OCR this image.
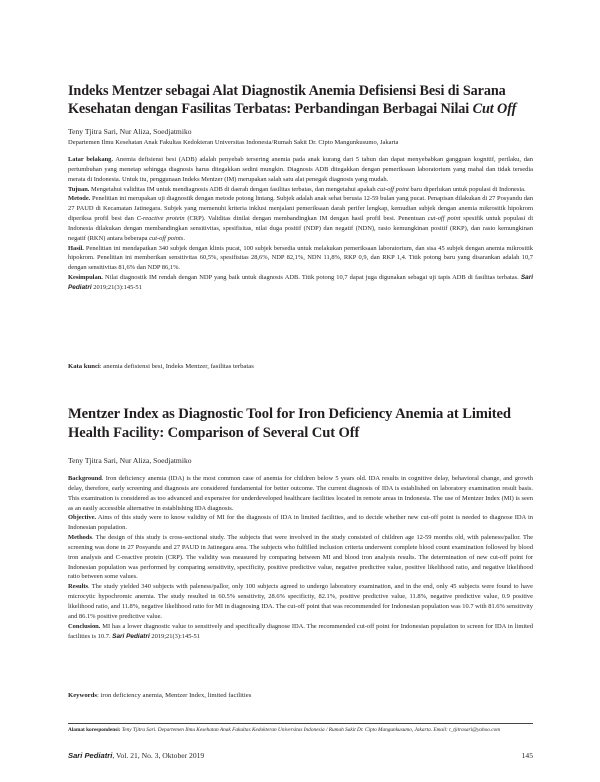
Indeks Mentzer sebagai Alat Diagnostik Anemia Defisiensi Besi di Sarana Kesehatan dengan Fasilitas Terbatas: Perbandingan Berbagai Nilai Cut Off
Teny Tjitra Sari, Nur Aliza, Soedjatmiko
Departemen Ilmu Kesehatan Anak Fakultas Kedokteran Universitas Indonesia/Rumah Sakit Dr. Cipto Mangunkusumo, Jakarta

Latar belakang. Anemia defisiensi besi (ADB) adalah penyebab tersering anemia pada anak kurang dari 5 tahun dan dapat menyebabkan gangguan kognitif, perilaku, dan pertumbuhan yang menetap sehingga diagnosis harus ditegakkan sedini mungkin. Diagnosis ADB ditegakkan dengan pemeriksaan laboratorium yang mahal dan tidak tersedia merata di Indonesia. Untuk itu, penggunaan Indeks Mentzer (IM) merupakan salah satu alat penegak diagnosis yang mudah.

Tujuan. Mengetahui validitas IM untuk mendiagnosis ADB di daerah dengan fasilitas terbatas, dan mengetahui apakah cut-off point baru diperlukan untuk populasi di Indonesia.

Metode. Penelitian ini merupakan uji diagnostik dengan metode potong lintang. Subjek adalah anak sehat berusia 12-59 bulan yang pucat. Penapisan dilakukan di 27 Posyandu dan 27 PAUD di Kecamatan Jatinegara. Subjek yang memenuhi kriteria inklusi menjalani pemeriksaan darah perifer lengkap, kemudian subjek dengan anemia mikrositik hipokrom diperiksa profil besi dan C-reactive protein (CRP). Validitas dinilai dengan membandingkan IM dengan hasil profil besi. Penentuan cut-off point spesifik untuk populasi di Indonesia dilakukan dengan membandingkan sensitivitas, spesifisitas, nilai duga positif (NDP) dan negatif (NDN), rasio kemungkinan positif (RKP), dan rasio kemungkinan negatif (RKN) antara beberapa cut-off points.

Hasil. Penelitian ini mendapatkan 340 subjek dengan klinis pucat, 100 subjek bersedia untuk melakukan pemeriksaan laboratorium, dan sisa 45 subjek dengan anemia mikrositik hipokrom. Penelitian ini memberikan sensitivitas 60,5%, spesifisitas 28,6%, NDP 82,1%, NDN 11,8%, RKP 0,9, dan RKP 1,4. Titik potong baru yang disarankan adalah 10,7 dengan sensitivitas 81,6% dan NDP 86,1%.

Kesimpulan. Nilai diagnostik IM rendah dengan NDP yang baik untuk diagnosis ADB. Titik potong 10,7 dapat juga digunakan sebagai uji tapis ADB di fasilitas terbatas. Sari Pediatri 2019;21(3):145-51

Kata kunci: anemia defisiensi besi, Indeks Mentzer, fasilitas terbatas
Mentzer Index as Diagnostic Tool for Iron Deficiency Anemia at Limited Health Facility: Comparison of Several Cut Off
Teny Tjitra Sari, Nur Aliza, Soedjatmiko

Background. Iron deficiency anemia (IDA) is the most common case of anemia for children below 5 years old. IDA results in cognitive delay, behavioral change, and growth delay, therefore, early screening and diagnosis are considered fundamental for better outcome. The current diagnosis of IDA is established on laboratory examination result basis. This examination is considered as too advanced and expensive for underdeveloped healthcare facilities located in remote areas in Indonesia. The use of Mentzer Index (MI) is seen as an easily accessible alternative in establishing IDA diagnosis.

Objective. Aims of this study were to know validity of MI for the diagnosis of IDA in limited facilities, and to decide whether new cut-off point is needed to diagnose IDA in Indonesian population.

Methods. The design of this study is cross-sectional study. The subjects that were involved in the study consisted of children age 12-59 months old, with paleness/pallor. The screening was done in 27 Posyandu and 27 PAUD in Jatinegara area. The subjects who fulfilled inclusion criteria underwent complete blood count examination followed by blood iron analysis and C-reactive protein (CRP). The validity was measured by comparing between MI and blood iron analysis results. The determination of new cut-off point for Indonesian population was performed by comparing sensitivity, specificity, positive predictive value, negative predictive value, positive likelihood ratio, and negative likelihood ratio between some values.

Results. The study yielded 340 subjects with paleness/pallor, only 100 subjects agreed to undergo laboratory examination, and in the end, only 45 subjects were found to have microcytic hypochromic anemia. The study resulted in 60.5% sensitivity, 28.6% specificity, 82.1%, positive predictive value, 11.8%, negative predictive value, 0.9 positive likelihood ratio, and 11.8%, negative likelihood ratio for MI in diagnosing IDA. The cut-off point that was recommended for Indonesian population was 10.7 with 81.6% sensitivity and 86.1% positive predictive value.

Conclusion. MI has a lower diagnostic value to sensitively and specifically diagnose IDA. The recommended cut-off point for Indonesian population to screen for IDA in limited facilities is 10.7. Sari Pediatri 2019;21(3):145-51

Keywords: iron deficiency anemia, Mentzer Index, limited facilities
Alamat korespondensi: Teny Tjitra Sari. Departemen Ilmu Kesehatan Anak Fakultas Kedokteran Universitas Indonesia / Rumah Sakit Dr. Cipto Mangunkusumo, Jakarta. Email: t_tjitrasari@yahoo.com
Sari Pediatri, Vol. 21, No. 3, Oktober 2019	145
